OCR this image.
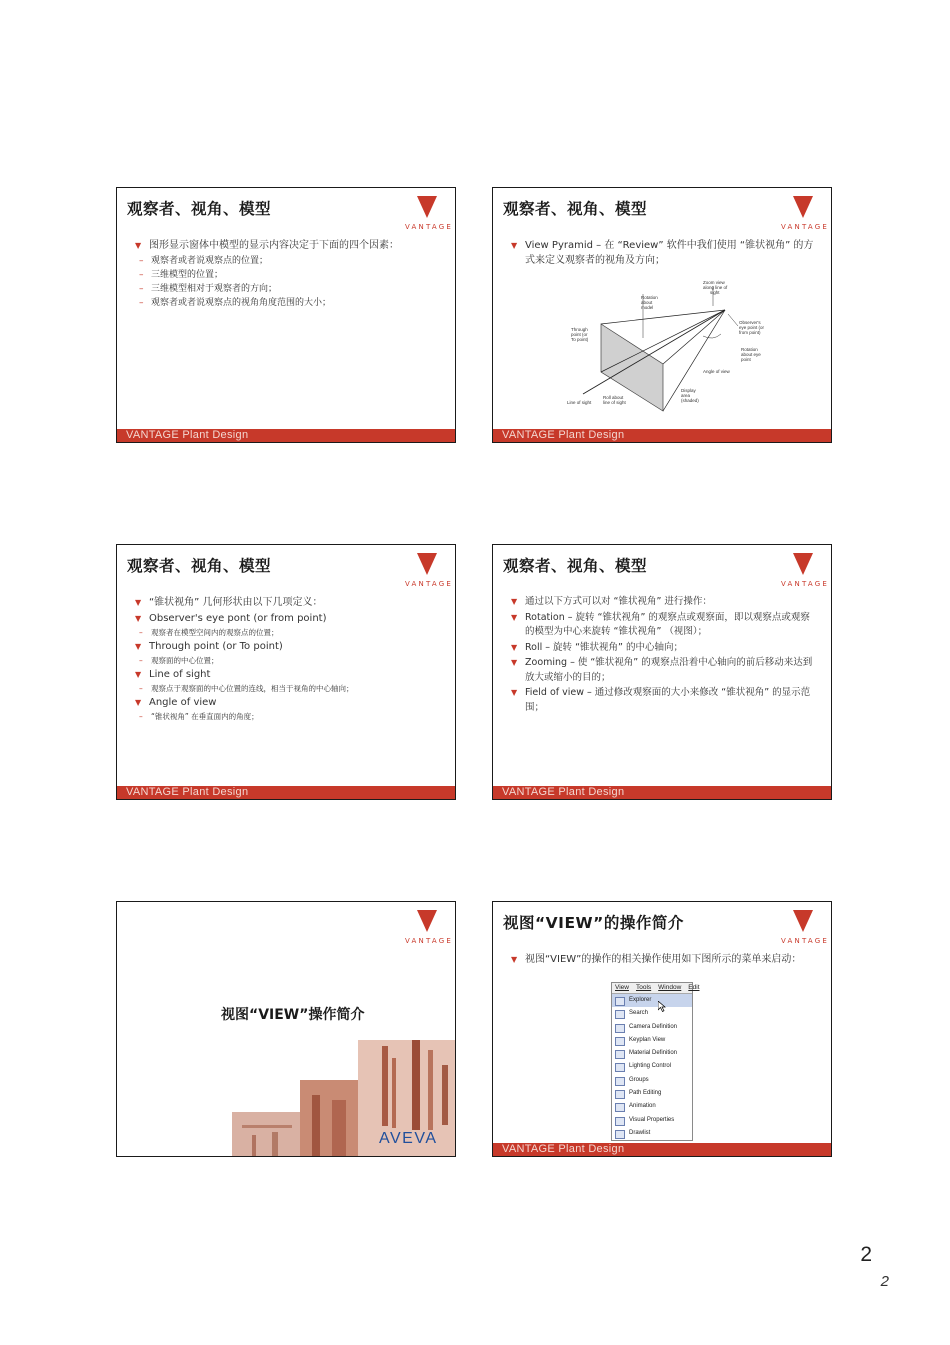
观察者、视角、模型
VANTAGE
▼ 图形显示窗体中模型的显示内容决定于下面的四个因素：
– 观察者或者说观察点的位置；
– 三维模型的位置；
– 三维模型相对于观察者的方向；
– 观察者或者说观察点的视角角度范围的大小；
VANTAGE Plant Design
观察者、视角、模型
VANTAGE
▼ View Pyramid – 在 “Review” 软件中我们使用 “锥状视角” 的方式来定义观察者的视角及方向；
Zoom view
along line of
sight
Rotation
about
model
Observer's
eye point (or
from point)
Through
point (or
To point)
Rotation
about eye
point
Angle of view
Display
area
(shaded)
Roll about
line of sight
Line of sight
VANTAGE Plant Design
观察者、视角、模型
VANTAGE
▼ “锥状视角” 几何形状由以下几项定义：
▼ Observer's eye pont (or from point)
– 观察者在模型空间内的观察点的位置；
▼ Through point (or To point)
– 观察面的中心位置；
▼ Line of sight
– 观察点于观察面的中心位置的连线，相当于视角的中心轴向；
▼ Angle of view
– “锥状视角” 在垂直面内的角度；
VANTAGE Plant Design
观察者、视角、模型
VANTAGE
▼ 通过以下方式可以对 “锥状视角” 进行操作：
▼ Rotation – 旋转 “锥状视角” 的观察点或观察面，即以观察点或观察的模型为中心来旋转 “锥状视角” （视图）；
▼ Roll – 旋转 “锥状视角” 的中心轴向；
▼ Zooming – 使 “锥状视角” 的观察点沿着中心轴向的前后移动来达到放大或缩小的目的；
▼ Field of view – 通过修改观察面的大小来修改 “锥状视角” 的显示范围；
VANTAGE Plant Design
VANTAGE
视图“VIEW”操作简介
AVEVA
视图“VIEW”的操作简介
VANTAGE
▼ 视图“VIEW”的操作的相关操作使用如下图所示的菜单来启动：
View Tools Window Edit
Explorer
Search
Camera Definition
Keyplan View
Material Definition
Lighting Control
Groups
Path Editing
Animation
Visual Properties
Drawlist
VANTAGE Plant Design
2
2
